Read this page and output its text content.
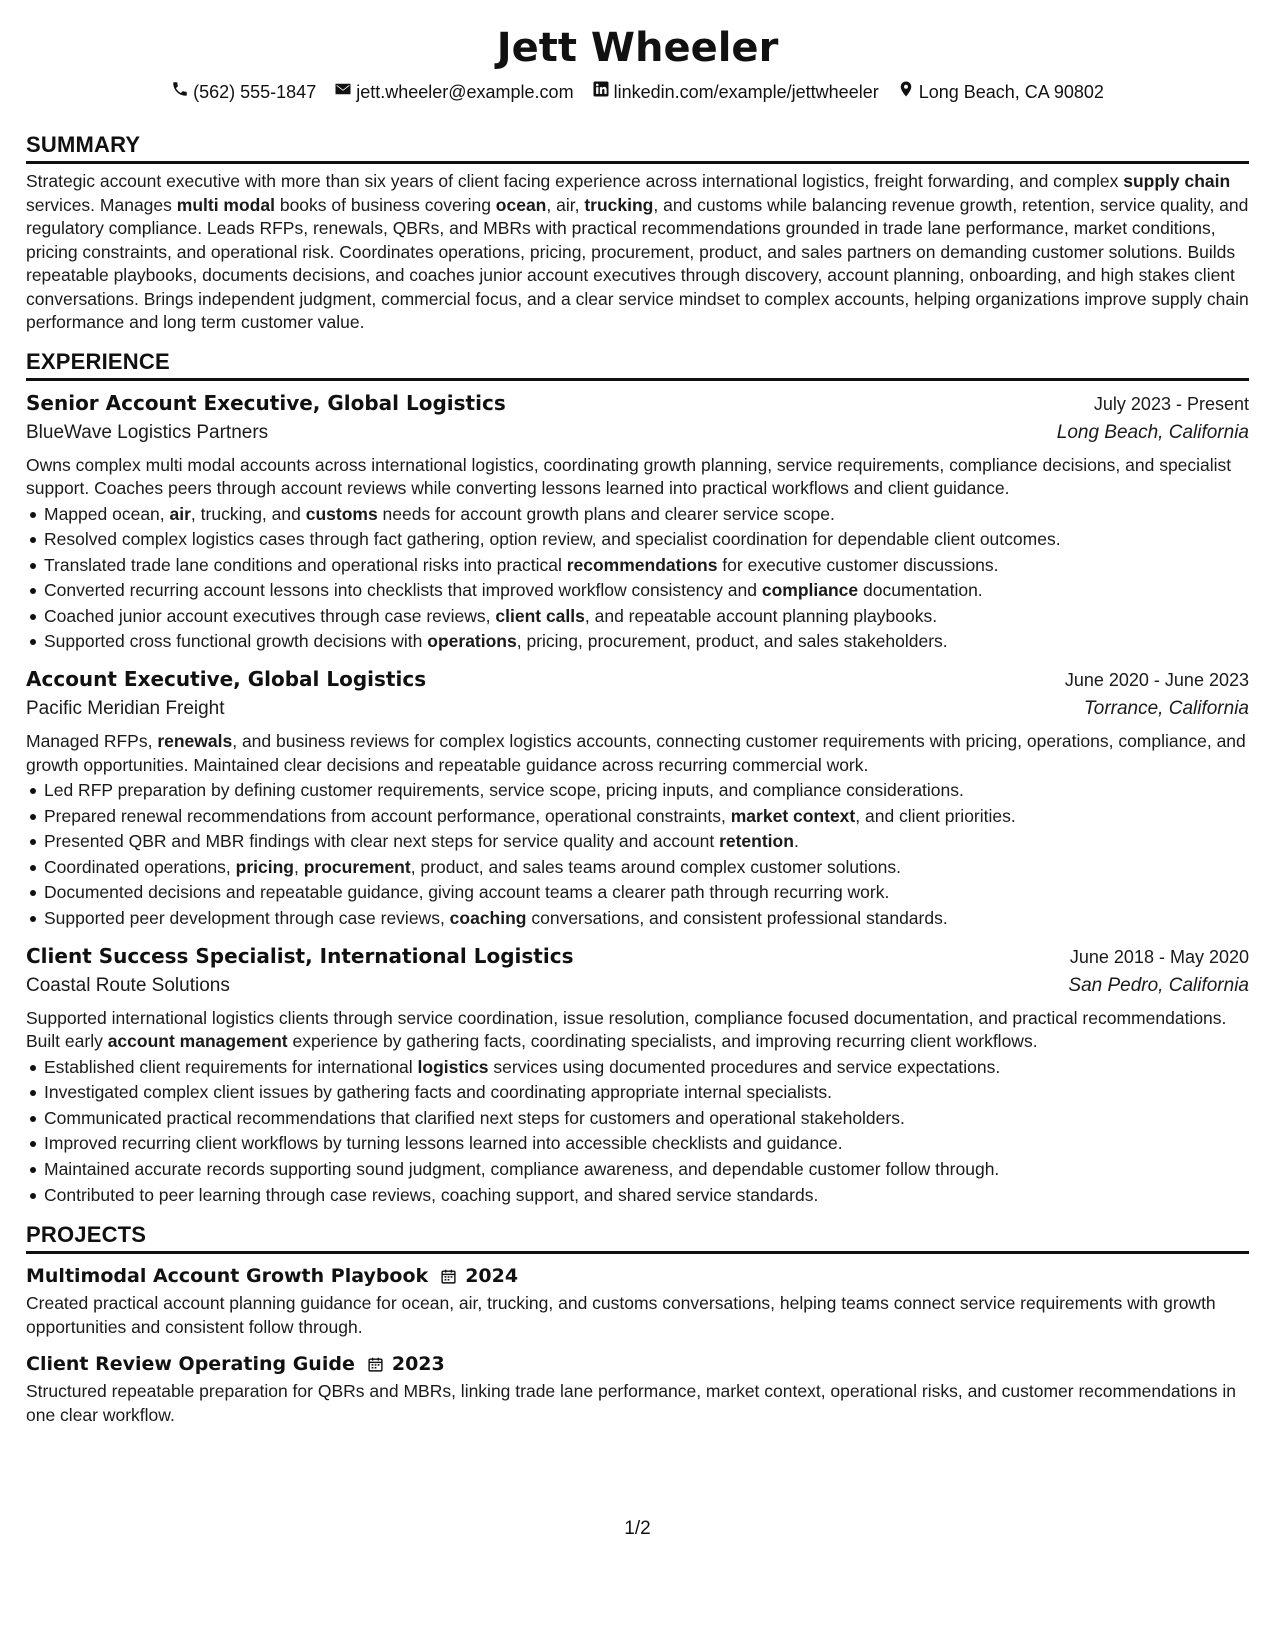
Jett Wheeler
(562) 555-1847 jett.wheeler@example.com linkedin.com/example/jettwheeler Long Beach, CA 90802
SUMMARY

Strategic account executive with more than six years of client facing experience across international logistics, freight forwarding, and complex supply chain services. Manages multi modal books of business covering ocean, air, trucking, and customs while balancing revenue growth, retention, service quality, and regulatory compliance. Leads RFPs, renewals, QBRs, and MBRs with practical recommendations grounded in trade lane performance, market conditions, pricing constraints, and operational risk. Coordinates operations, pricing, procurement, product, and sales partners on demanding customer solutions. Builds repeatable playbooks, documents decisions, and coaches junior account executives through discovery, account planning, onboarding, and high stakes client conversations. Brings independent judgment, commercial focus, and a clear service mindset to complex accounts, helping organizations improve supply chain performance and long term customer value.

EXPERIENCE
Senior Account Executive, Global Logistics	July 2023 - Present
BlueWave Logistics Partners	Long Beach, California

Owns complex multi modal accounts across international logistics, coordinating growth planning, service requirements, compliance decisions, and specialist support. Coaches peers through account reviews while converting lessons learned into practical workflows and client guidance.

Mapped ocean, air, trucking, and customs needs for account growth plans and clearer service scope.
Resolved complex logistics cases through fact gathering, option review, and specialist coordination for dependable client outcomes.
Translated trade lane conditions and operational risks into practical recommendations for executive customer discussions.
Converted recurring account lessons into checklists that improved workflow consistency and compliance documentation.
Coached junior account executives through case reviews, client calls, and repeatable account planning playbooks.
Supported cross functional growth decisions with operations, pricing, procurement, product, and sales stakeholders.
Account Executive, Global Logistics	June 2020 - June 2023
Pacific Meridian Freight	Torrance, California

Managed RFPs, renewals, and business reviews for complex logistics accounts, connecting customer requirements with pricing, operations, compliance, and growth opportunities. Maintained clear decisions and repeatable guidance across recurring commercial work.

Led RFP preparation by defining customer requirements, service scope, pricing inputs, and compliance considerations.
Prepared renewal recommendations from account performance, operational constraints, market context, and client priorities.
Presented QBR and MBR findings with clear next steps for service quality and account retention.
Coordinated operations, pricing, procurement, product, and sales teams around complex customer solutions.
Documented decisions and repeatable guidance, giving account teams a clearer path through recurring work.
Supported peer development through case reviews, coaching conversations, and consistent professional standards.
Client Success Specialist, International Logistics	June 2018 - May 2020
Coastal Route Solutions	San Pedro, California

Supported international logistics clients through service coordination, issue resolution, compliance focused documentation, and practical recommendations. Built early account management experience by gathering facts, coordinating specialists, and improving recurring client workflows.

Established client requirements for international logistics services using documented procedures and service expectations.
Investigated complex client issues by gathering facts and coordinating appropriate internal specialists.
Communicated practical recommendations that clarified next steps for customers and operational stakeholders.
Improved recurring client workflows by turning lessons learned into accessible checklists and guidance.
Maintained accurate records supporting sound judgment, compliance awareness, and dependable customer follow through.
Contributed to peer learning through case reviews, coaching support, and shared service standards.
PROJECTS
Multimodal Account Growth Playbook 2024

Created practical account planning guidance for ocean, air, trucking, and customs conversations, helping teams connect service requirements with growth opportunities and consistent follow through.

Client Review Operating Guide 2023

Structured repeatable preparation for QBRs and MBRs, linking trade lane performance, market context, operational risks, and customer recommendations in one clear workflow.

1/2
